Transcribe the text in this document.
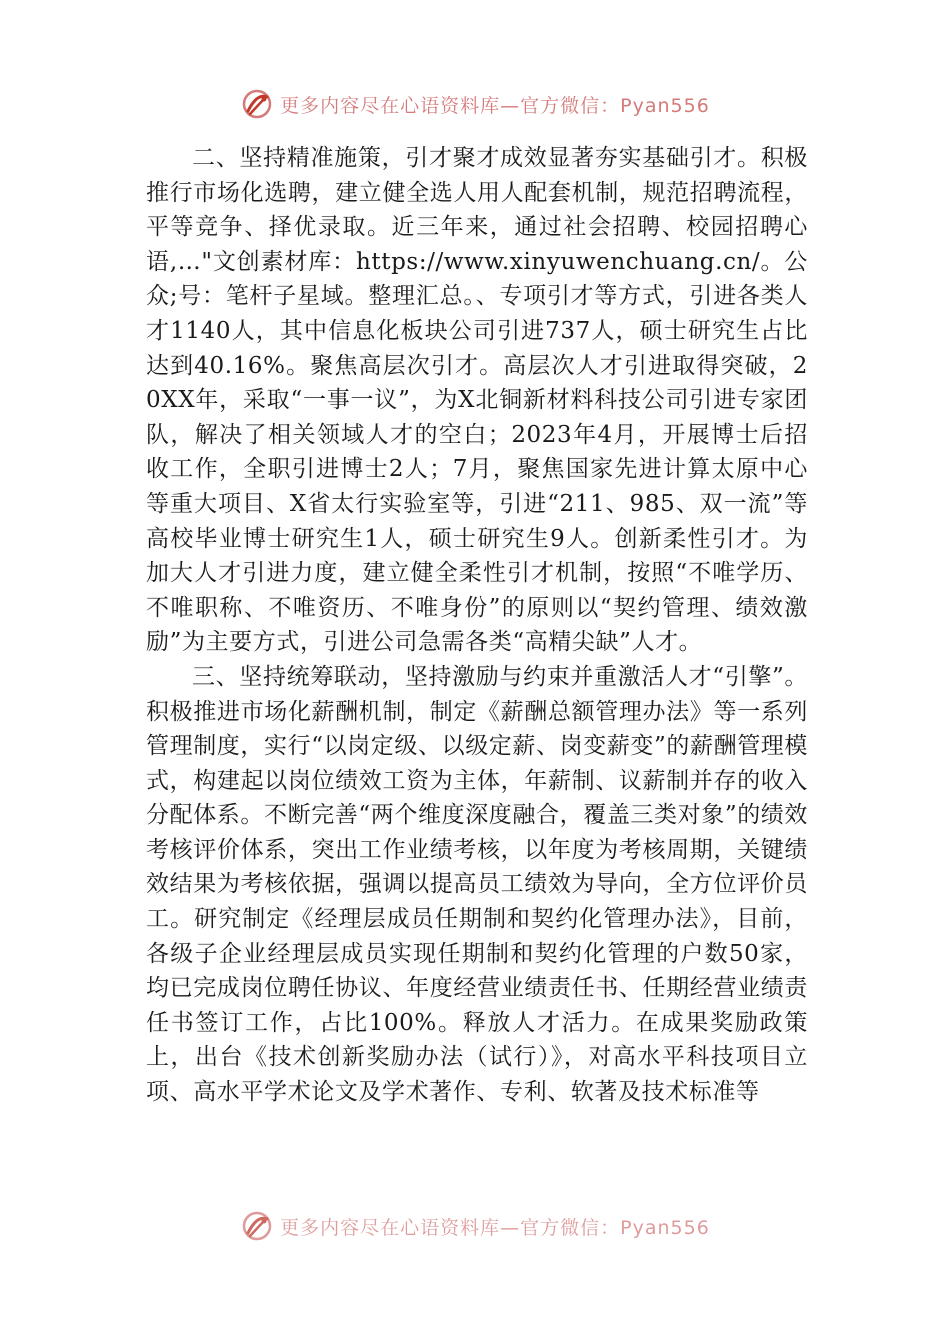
更多内容尽在心语资料库—官方微信：Pyan556

二、坚持精准施策，引才聚才成效显著夯实基础引才。积极推行市场化选聘，建立健全选人用人配套机制，规范招聘流程，平等竞争、择优录取。近三年来，通过社会招聘、校园招聘心语,…"文创素材库：https://www.xinyuwenchuang.cn/。公众;号：笔杆子星域。整理汇总。、专项引才等方式，引进各类人才1140人，其中信息化板块公司引进737人，硕士研究生占比达到40.16%。聚焦高层次引才。高层次人才引进取得突破，20XX年，采取“一事一议”，为X北铜新材料科技公司引进专家团队，解决了相关领域人才的空白；2023年4月，开展博士后招收工作，全职引进博士2人；7月，聚焦国家先进计算太原中心等重大项目、X省太行实验室等，引进“211、985、双一流”等高校毕业博士研究生1人，硕士研究生9人。创新柔性引才。为加大人才引进力度，建立健全柔性引才机制，按照“不唯学历、不唯职称、不唯资历、不唯身份”的原则以“契约管理、绩效激励”为主要方式，引进公司急需各类“高精尖缺”人才。

三、坚持统筹联动，坚持激励与约束并重激活人才“引擎”。积极推进市场化薪酬机制，制定《薪酬总额管理办法》等一系列管理制度，实行“以岗定级、以级定薪、岗变薪变”的薪酬管理模式，构建起以岗位绩效工资为主体，年薪制、议薪制并存的收入分配体系。不断完善“两个维度深度融合，覆盖三类对象”的绩效考核评价体系，突出工作业绩考核，以年度为考核周期，关键绩效结果为考核依据，强调以提高员工绩效为导向，全方位评价员工。研究制定《经理层成员任期制和契约化管理办法》，目前，各级子企业经理层成员实现任期制和契约化管理的户数50家，均已完成岗位聘任协议、年度经营业绩责任书、任期经营业绩责任书签订工作，占比100%。释放人才活力。在成果奖励政策上，出台《技术创新奖励办法（试行）》，对高水平科技项目立项、高水平学术论文及学术著作、专利、软著及技术标准等

更多内容尽在心语资料库—官方微信：Pyan556
